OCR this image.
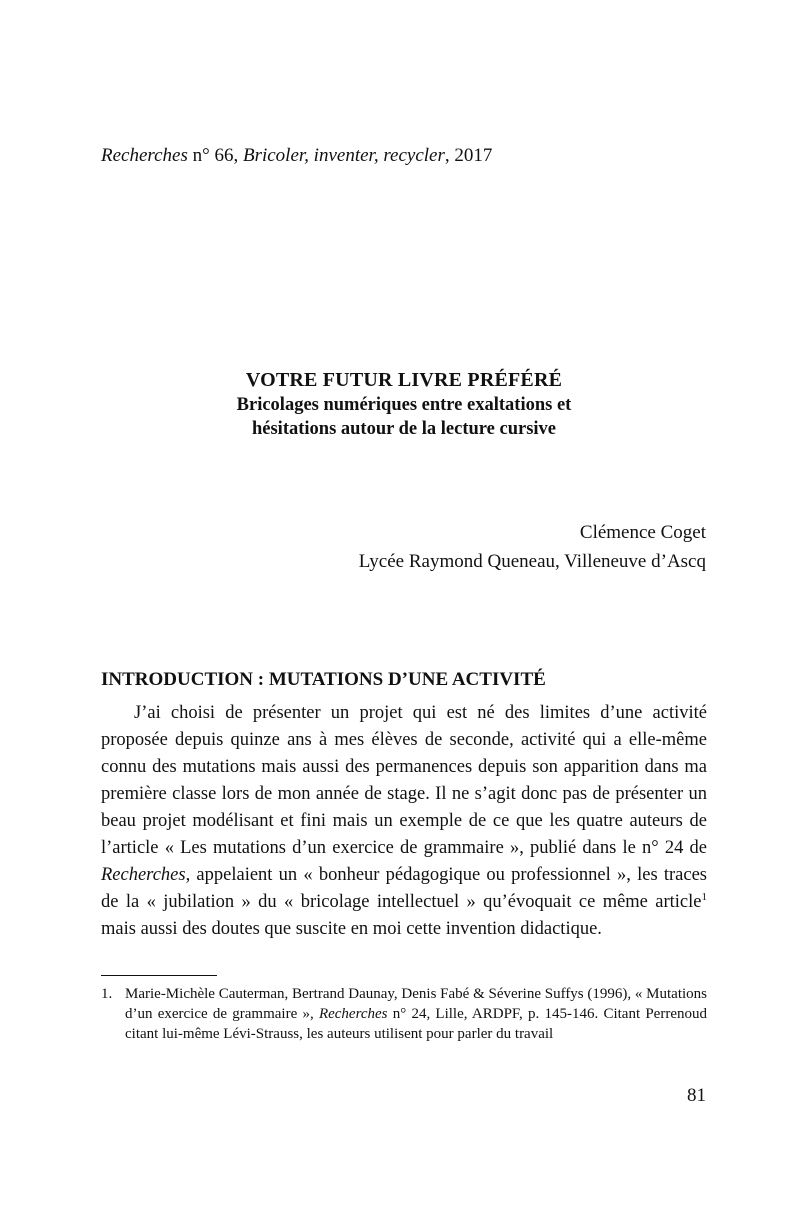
Recherches n° 66, Bricoler, inventer, recycler, 2017
VOTRE FUTUR LIVRE PRÉFÉRÉ
Bricolages numériques entre exaltations et
hésitations autour de la lecture cursive
Clémence Coget
Lycée Raymond Queneau, Villeneuve d’Ascq
INTRODUCTION : MUTATIONS D’UNE ACTIVITÉ
J’ai choisi de présenter un projet qui est né des limites d’une activité proposée depuis quinze ans à mes élèves de seconde, activité qui a elle-même connu des mutations mais aussi des permanences depuis son apparition dans ma première classe lors de mon année de stage. Il ne s’agit donc pas de présenter un beau projet modélisant et fini mais un exemple de ce que les quatre auteurs de l’article « Les mutations d’un exercice de grammaire », publié dans le n° 24 de Recherches, appelaient un « bonheur pédagogique ou professionnel », les traces de la « jubilation » du « bricolage intellectuel » qu’évoquait ce même article$^1$ mais aussi des doutes que suscite en moi cette invention didactique.
1. Marie-Michèle Cauterman, Bertrand Daunay, Denis Fabé & Séverine Suffys (1996), « Mutations d’un exercice de grammaire », Recherches n° 24, Lille, ARDPF, p. 145-146. Citant Perrenoud citant lui-même Lévi-Strauss, les auteurs utilisent pour parler du travail
81
